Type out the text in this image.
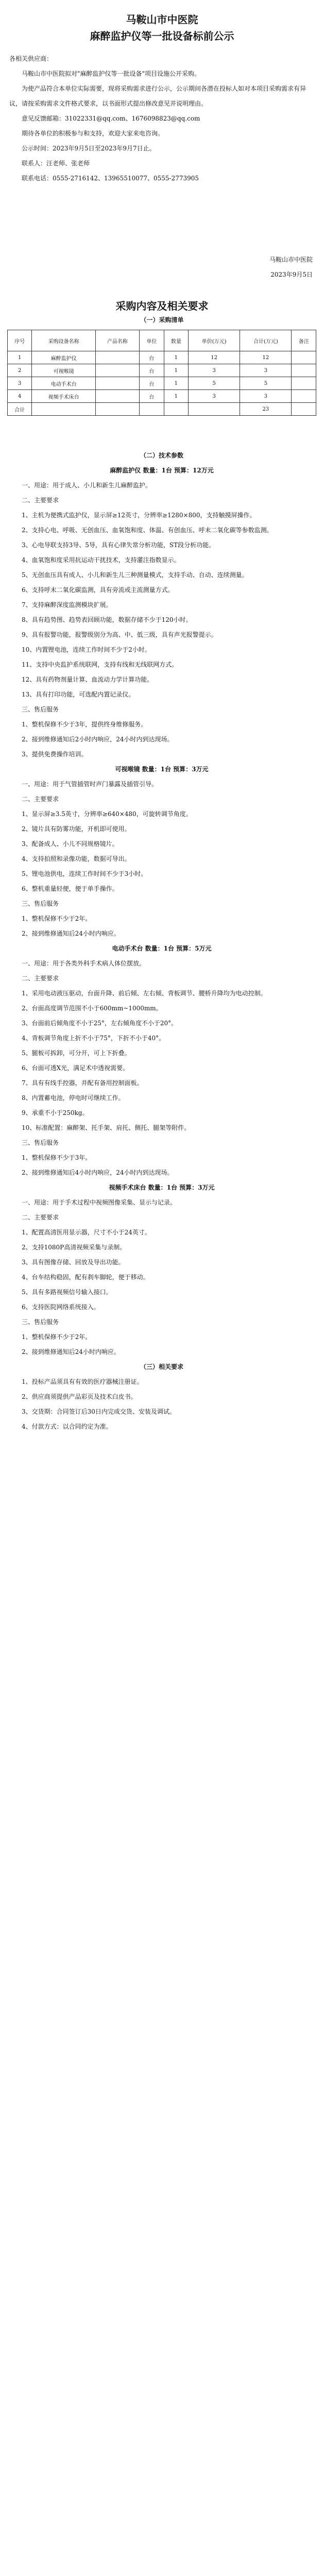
马鞍山市中医院
麻醉监护仪等一批设备标前公示

各相关供应商：

马鞍山市中医院拟对"麻醉监护仪等一批设备"项目设施公开采购。

为使产品符合本单位实际需要，现将采购需求进行公示，公示期间各潜在投标人如对本项目采购需求有异议，请按采购需求文件格式要求，以书面形式提出修改意见并说明理由。

意见反馈邮箱：31022331@qq.com、1676098823@qq.com

期待各单位的积极参与和支持，欢迎大家来电咨询。

公示时间：2023年9月5日至2023年9月7日止。

联系人：汪老师、张老师

联系电话：0555-2716142、13965510077、0555-2773905

马鞍山市中医院
2023年9月5日
采购内容及相关要求
（一）采购清单
序号	采购设备名称	产品名称	单位	数量	单价(万元)	合计(万元)	备注
1	麻醉监护仪		台	1	12	12	
2	可视喉镜		台	1	3	3	
3	电动手术台		台	1	5	5	
4	视频手术床台		台	1	3	3	
合计						23	

（二）技术参数

麻醉监护仪 数量：1台 预算：12万元

一、用途：用于成人、小儿和新生儿麻醉监护。

二、主要要求

1、主机为便携式监护仪，显示屏≥12英寸，分辨率≥1280×800，支持触摸屏操作。

2、支持心电、呼吸、无创血压、血氧饱和度、体温、有创血压、呼末二氧化碳等参数监测。

3、心电导联支持3导、5导，具有心律失常分析功能，ST段分析功能。

4、血氧饱和度采用抗运动干扰技术，支持灌注指数显示。

5、无创血压具有成人、小儿和新生儿三种测量模式，支持手动、自动、连续测量。

6、支持呼末二氧化碳监测，具有旁流或主流测量方式。

7、支持麻醉深度监测模块扩展。

8、具有趋势图、趋势表回顾功能，数据存储不少于120小时。

9、具有报警功能，报警级别分为高、中、低三级，具有声光报警提示。

10、内置锂电池，连续工作时间不少于2小时。

11、支持中央监护系统联网，支持有线和无线联网方式。

12、具有药物剂量计算、血流动力学计算功能。

13、具有打印功能，可选配内置记录仪。

三、售后服务

1、整机保修不少于3年，提供终身维修服务。

2、接到维修通知后2小时内响应，24小时内到达现场。

3、提供免费操作培训。

可视喉镜 数量：1台 预算：3万元

一、用途：用于气管插管时声门暴露及插管引导。

二、主要要求

1、显示屏≥3.5英寸，分辨率≥640×480，可旋转调节角度。

2、镜片具有防雾功能，开机即可使用。

3、配备成人、小儿不同规格镜片。

4、支持拍照和录像功能，数据可导出。

5、锂电池供电，连续工作时间不少于3小时。

6、整机重量轻便，便于单手操作。

三、售后服务

1、整机保修不少于2年。

2、接到维修通知后24小时内响应。

电动手术台 数量：1台 预算：5万元

一、用途：用于各类外科手术病人体位摆放。

二、主要要求

1、采用电动液压驱动，台面升降、前后倾、左右倾、背板调节、腰桥升降均为电动控制。

2、台面高度调节范围不小于600mm~1000mm。

3、台面前后倾角度不小于25°，左右倾角度不小于20°。

4、背板调节角度上折不小于75°，下折不小于40°。

5、腿板可拆卸，可分开，可上下折叠。

6、台面可透X光，满足术中透视需要。

7、具有有线手控器，并配有备用控制面板。

8、内置蓄电池，停电时可继续工作。

9、承重不小于250kg。

10、标准配置：麻醉架、托手架、肩托、侧托、腿架等附件。

三、售后服务

1、整机保修不少于3年。

2、接到维修通知后4小时内响应，24小时内到达现场。

视频手术床台 数量：1台 预算：3万元

一、用途：用于手术过程中视频图像采集、显示与记录。

二、主要要求

1、配置高清医用显示器，尺寸不小于24英寸。

2、支持1080P高清视频采集与录制。

3、具有图像存储、回放及导出功能。

4、台车结构稳固，配有刹车脚轮，便于移动。

5、具有多路视频信号输入接口。

6、支持医院网络系统接入。

三、售后服务

1、整机保修不少于2年。

2、接到维修通知后24小时内响应。

（三）相关要求

1、投标产品须具有有效的医疗器械注册证。

2、供应商须提供产品彩页及技术白皮书。

3、交货期：合同签订后30日内完成交货、安装及调试。

4、付款方式：以合同约定为准。
